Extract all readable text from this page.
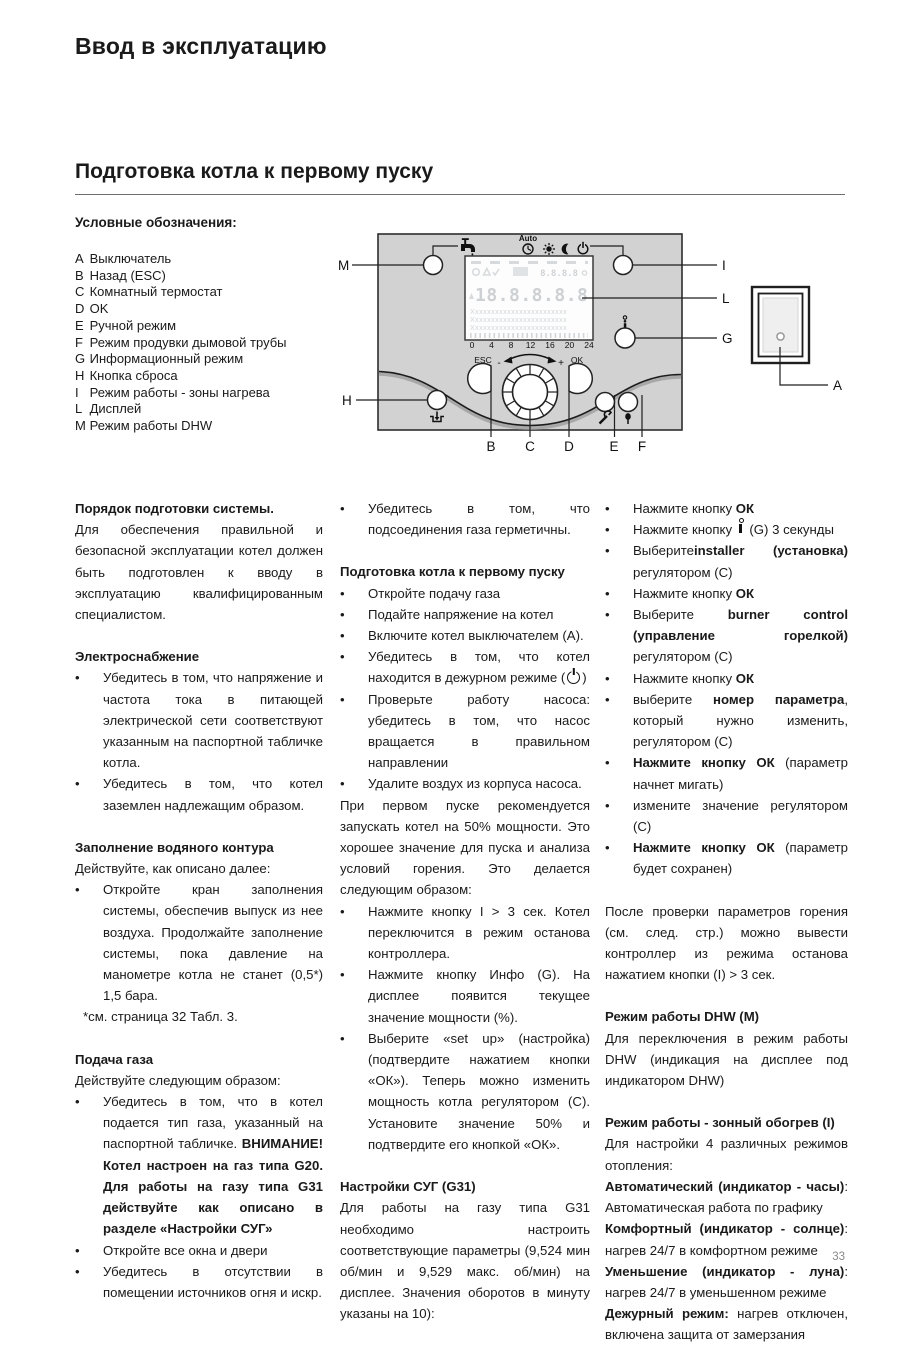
Ввод в эксплуатацию
Подготовка котла к первому пуску
Условные обозначения:
A Выключатель
B Назад (ESC)
C Комнатный термостат
D OK
E Ручной режим
F Режим продувки дымовой трубы
G Информационный режим
H Кнопка сброса
I Режим работы - зоны нагрева
L Дисплей
M Режим работы DHW
Auto
8.8.8.8
18.8.8.8.8
Xxxxxxxxxxxxxxxxxxxxxxxx
Xxxxxxxxxxxxxxxxxxxxxxxx
Xxxxxxxxxxxxxxxxxxxxxxxx
0 4 8 12 16 20 24
ESC	OK
-	+
M	I
L
G
H
A
B C D	E F
Порядок подготовки системы.

Для обеспечения правильной и безопасной эксплуатации котел должен быть подготовлен к вводу в эксплуатацию квалифицированным специалистом.

Электроснабжение
•	Убедитесь в том, что напряжение и частота тока в питающей электрической сети соответствуют указанным на паспортной табличке котла.
•	Убедитесь в том, что котел заземлен надлежащим образом.
Заполнение водяного контура

Действуйте, как описано далее:

•	Откройте кран заполнения системы, обеспечив выпуск из нее воздуха. Продолжайте заполнение системы, пока давление на манометре котла не станет (0,5*) 1,5 бара.
*см. страница 32 Табл. 3.
Подача газа

Действуйте следующим образом:

•	Убедитесь в том, что в котел подается тип газа, указанный на паспортной табличке. ВНИМАНИЕ! Котел настроен на газ типа G20. Для работы на газу типа G31 действуйте как описано в разделе «Настройки СУГ»
•	Откройте все окна и двери
•	Убедитесь в отсутствии в помещении источников огня и искр.
•	Убедитесь в том, что подсоединения газа герметичны.
Подготовка котла к первому пуску
•	Откройте подачу газа
•	Подайте напряжение на котел
•	Включите котел выключателем (A).
•	Убедитесь в том, что котел находится в дежурном режиме ( )
•	Проверьте работу насоса: убедитесь в том, что насос вращается в правильном направлении
•	Удалите воздух из корпуса насоса.

При первом пуске рекомендуется запускать котел на 50% мощности. Это хорошее значение для пуска и анализа условий горения. Это делается следующим образом:

•	Нажмите кнопку I > 3 сек. Котел переключится в режим останова контроллера.
•	Нажмите кнопку Инфо (G). На дисплее появится текущее значение мощности (%).
•	Выберите «set up» (настройка) (подтвердите нажатием кнопки «ОК»). Теперь можно изменить мощность котла регулятором (C). Установите значение 50% и подтвердите его кнопкой «ОК».
Настройки СУГ (G31)

Для работы на газу типа G31 необходимо настроить соответствующие параметры (9,524 мин об/мин и 9,529 макс. об/мин) на дисплее. Значения оборотов в минуту указаны на 10):

•	Нажмите кнопку ОК
•	Нажмите кнопку  (G) 3 секунды
•	Выберитеinstaller (установка) регулятором (C)
•	Нажмите кнопку ОК
•	Выберите burner control (управление горелкой) регулятором (C)
•	Нажмите кнопку ОК
•	выберите номер параметра, который нужно изменить, регулятором (C)
•	Нажмите кнопку ОК (параметр начнет мигать)
•	измените значение регулятором (C)
•	Нажмите кнопку ОК (параметр будет сохранен)

После проверки параметров горения (см. след. стр.) можно вывести контроллер из режима останова нажатием кнопки (I) > 3 сек.

Режим работы DHW (M)

Для переключения в режим работы DHW (индикация на дисплее под индикатором DHW)

Режим работы - зонный обогрев (I)

Для настройки 4 различных режимов отопления:

Автоматический (индикатор - часы): Автоматическая работа по графику

Комфортный (индикатор - солнце): нагрев 24/7 в комфортном режиме

Уменьшение (индикатор - луна): нагрев 24/7 в уменьшенном режиме

Дежурный режим: нагрев отключен, включена защита от замерзания

33
